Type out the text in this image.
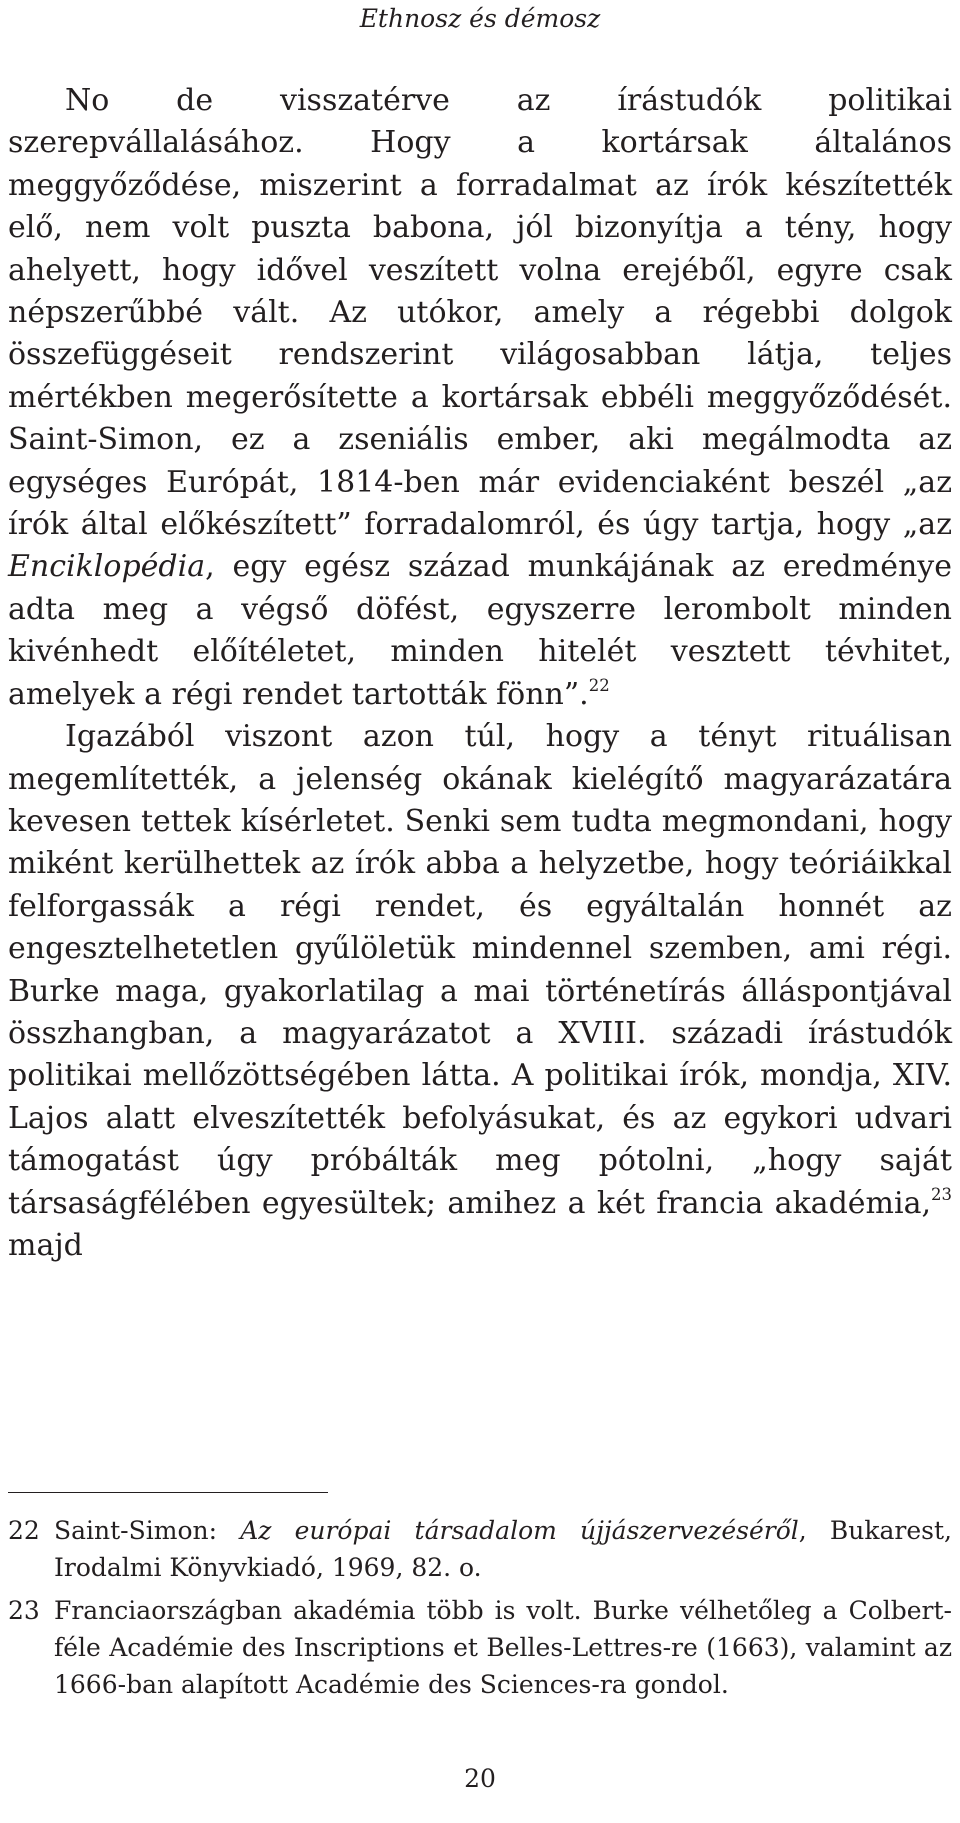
Ethnosz és démosz

No de visszatérve az írástudók politikai szerepvállalásához. Hogy a kortársak általános meggyőződése, miszerint a forradalmat az írók készítették elő, nem volt puszta babona, jól bizonyítja a tény, hogy ahelyett, hogy idővel veszített volna erejéből, egyre csak népszerűbbé vált. Az utókor, amely a régebbi dolgok összefüggéseit rendszerint világosabban látja, teljes mértékben megerősítette a kortársak ebbéli meggyőződését. Saint-Simon, ez a zseniális ember, aki megálmodta az egységes Európát, 1814-ben már evidenciaként beszél „az írók által előkészített” forradalomról, és úgy tartja, hogy „az Enciklopédia, egy egész század munkájának az eredménye adta meg a végső döfést, egyszerre lerombolt minden kivénhedt előítéletet, minden hitelét vesztett tévhitet, amelyek a régi rendet tartották fönn”.$^{22}$

Igazából viszont azon túl, hogy a tényt rituálisan megemlítették, a jelenség okának kielégítő magyarázatára kevesen tettek kísérletet. Senki sem tudta megmondani, hogy miként kerülhettek az írók abba a helyzetbe, hogy teóriáikkal felforgassák a régi rendet, és egyáltalán honnét az engesztelhetetlen gyűlöletük mindennel szemben, ami régi. Burke maga, gyakorlatilag a mai történetírás álláspontjával összhangban, a magyarázatot a XVIII. századi írástudók politikai mellőzöttségében látta. A politikai írók, mondja, XIV. Lajos alatt elveszítették befolyásukat, és az egykori udvari támogatást úgy próbálták meg pótolni, „hogy saját társaságfélében egyesültek; amihez a két francia akadémia,$^{23}$ majd

22 Saint-Simon: Az európai társadalom újjászervezéséről, Bukarest, Irodalmi Könyvkiadó, 1969, 82. o.
23 Franciaországban akadémia több is volt. Burke vélhetőleg a Colbert-féle Académie des Inscriptions et Belles-Lettres-re (1663), valamint az 1666-ban alapított Académie des Sciences-ra gondol.
20
